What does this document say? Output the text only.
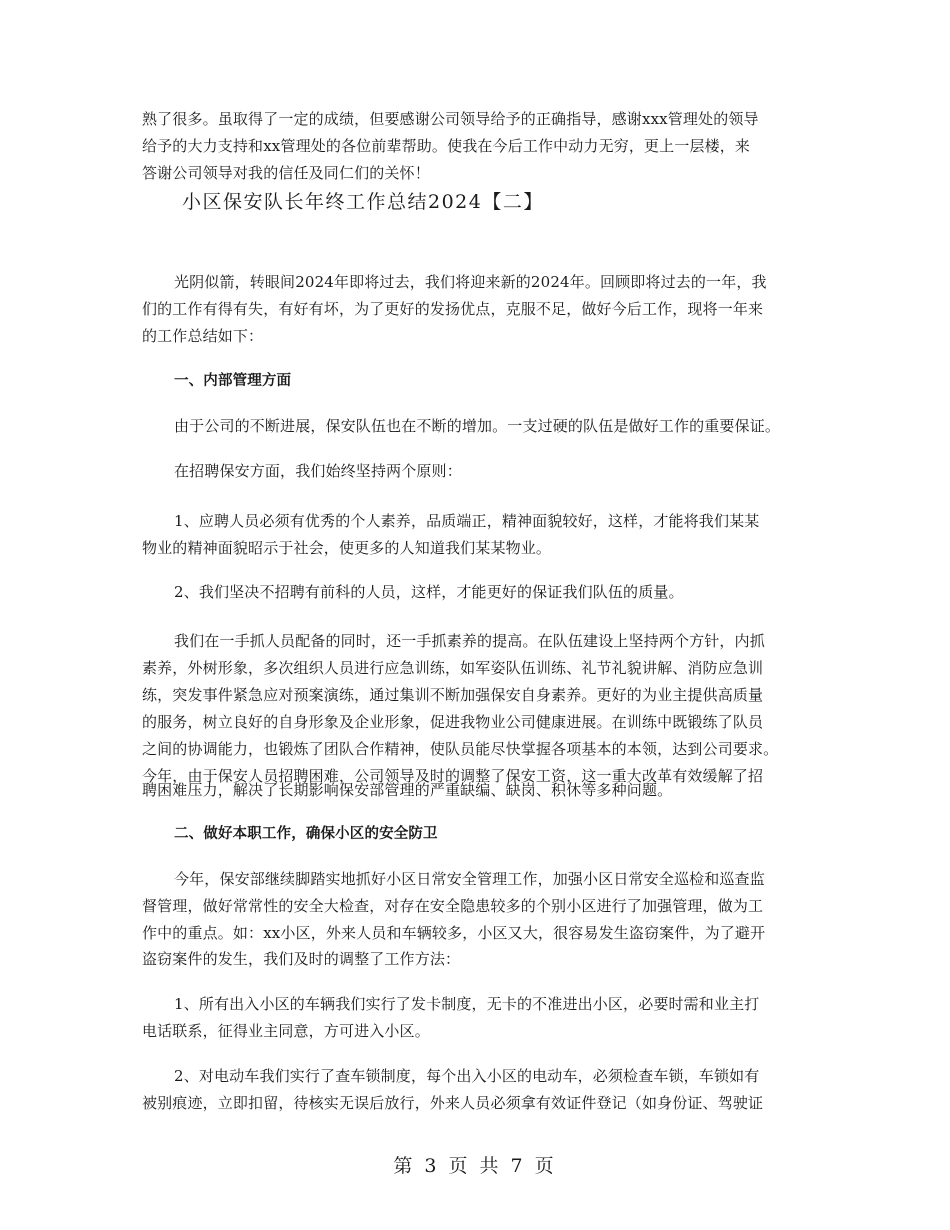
熟了很多。虽取得了一定的成绩，但要感谢公司领导给予的正确指导，感谢xxx管理处的领导
给予的大力支持和xx管理处的各位前辈帮助。使我在今后工作中动力无穷，更上一层楼，来
答谢公司领导对我的信任及同仁们的关怀！
小区保安队长年终工作总结2024【二】
光阴似箭，转眼间2024年即将过去，我们将迎来新的2024年。回顾即将过去的一年，我
们的工作有得有失，有好有坏，为了更好的发扬优点，克服不足，做好今后工作，现将一年来
的工作总结如下：
一、内部管理方面
由于公司的不断进展，保安队伍也在不断的增加。一支过硬的队伍是做好工作的重要保证。
在招聘保安方面，我们始终坚持两个原则：
1、应聘人员必须有优秀的个人素养，品质端正，精神面貌较好，这样，才能将我们某某
物业的精神面貌昭示于社会，使更多的人知道我们某某物业。
2、我们坚决不招聘有前科的人员，这样，才能更好的保证我们队伍的质量。
我们在一手抓人员配备的同时，还一手抓素养的提高。在队伍建设上坚持两个方针，内抓
素养，外树形象，多次组织人员进行应急训练，如军姿队伍训练、礼节礼貌讲解、消防应急训
练，突发事件紧急应对预案演练，通过集训不断加强保安自身素养。更好的为业主提供高质量
的服务，树立良好的自身形象及企业形象，促进我物业公司健康进展。在训练中既锻练了队员
之间的协调能力，也锻炼了团队合作精神，使队员能尽快掌握各项基本的本领，达到公司要求。
今年，由于保安人员招聘困难，公司领导及时的调整了保安工资，这一重大改革有效缓解了招
聘困难压力，解决了长期影响保安部管理的严重缺编、缺岗、积休等多种问题。
二、做好本职工作，确保小区的安全防卫
今年，保安部继续脚踏实地抓好小区日常安全管理工作，加强小区日常安全巡检和巡查监
督管理，做好常常性的安全大检查，对存在安全隐患较多的个别小区进行了加强管理，做为工
作中的重点。如：xx小区，外来人员和车辆较多，小区又大，很容易发生盗窃案件，为了避开
盗窃案件的发生，我们及时的调整了工作方法：
1、所有出入小区的车辆我们实行了发卡制度，无卡的不准进出小区，必要时需和业主打
电话联系，征得业主同意，方可进入小区。
2、对电动车我们实行了查车锁制度，每个出入小区的电动车，必须检查车锁，车锁如有
被别痕迹，立即扣留，待核实无误后放行，外来人员必须拿有效证件登记（如身份证、驾驶证
第 3 页 共 7 页
